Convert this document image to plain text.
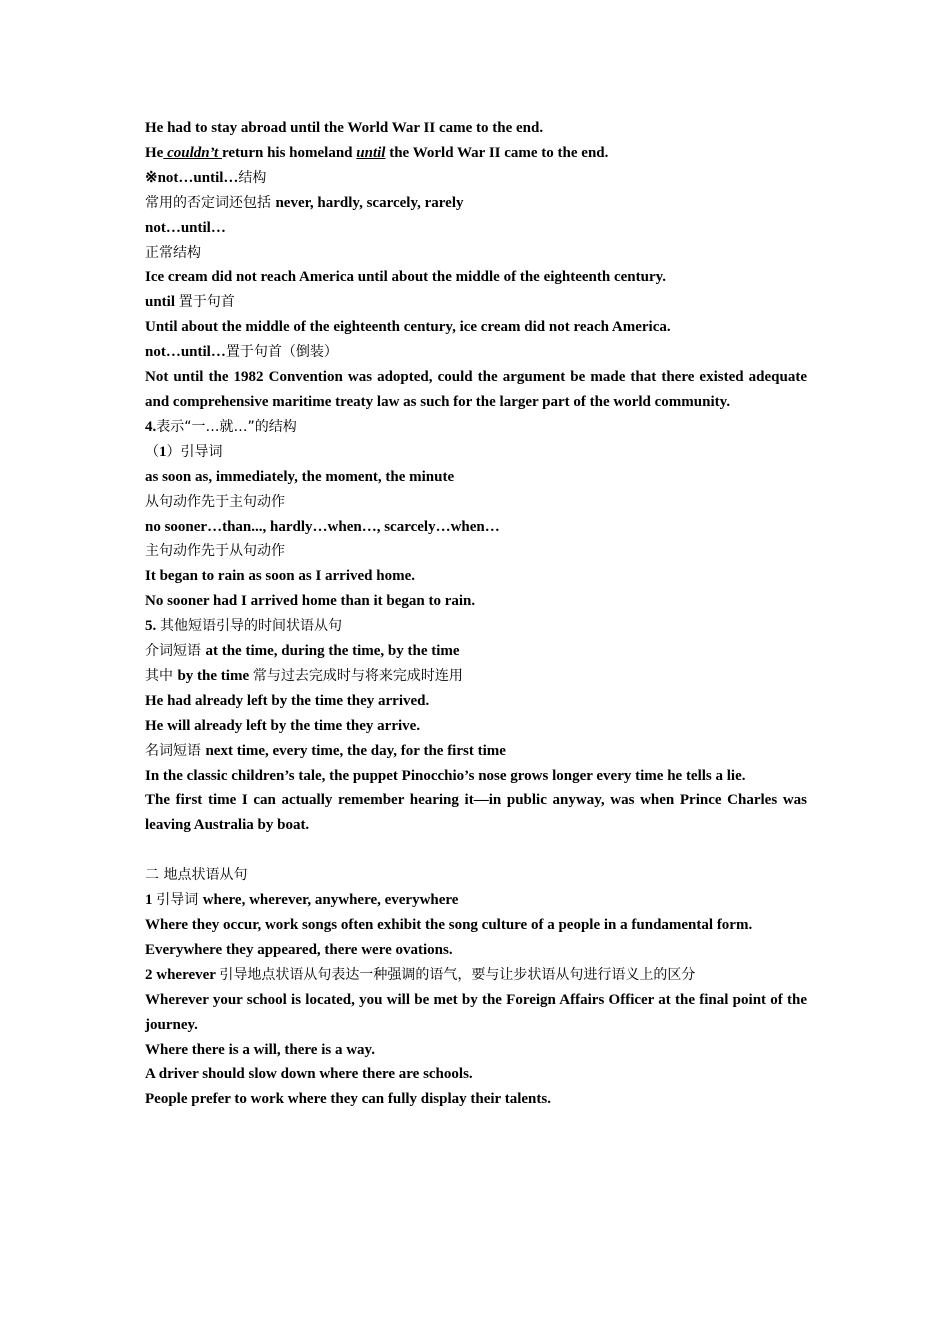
He had to stay abroad until the World War II came to the end.
He couldn’t return his homeland until the World War II came to the end.
※not…until…结构
常用的否定词还包括 never, hardly, scarcely, rarely
not…until…
正常结构
Ice cream did not reach America until about the middle of the eighteenth century.
until 置于句首
Until about the middle of the eighteenth century, ice cream did not reach America.
not…until…置于句首（倒装）
Not until the 1982 Convention was adopted, could the argument be made that there existed adequate and comprehensive maritime treaty law as such for the larger part of the world community.
4.表示“一…就…”的结构
（1）引导词
as soon as, immediately, the moment, the minute
从句动作先于主句动作
no sooner…than..., hardly…when…, scarcely…when…
主句动作先于从句动作
It began to rain as soon as I arrived home.
No sooner had I arrived home than it began to rain.
5. 其他短语引导的时间状语从句
介词短语 at the time, during the time, by the time
其中 by the time 常与过去完成时与将来完成时连用
He had already left by the time they arrived.
He will already left by the time they arrive.
名词短语 next time, every time, the day, for the first time
In the classic children’s tale, the puppet Pinocchio’s nose grows longer every time he tells a lie.
The first time I can actually remember hearing it—in public anyway, was when Prince Charles was leaving Australia by boat.
二 地点状语从句
1 引导词 where, wherever, anywhere, everywhere
Where they occur, work songs often exhibit the song culture of a people in a fundamental form.
Everywhere they appeared, there were ovations.
2 wherever 引导地点状语从句表达一种强调的语气，要与让步状语从句进行语义上的区分
Wherever your school is located, you will be met by the Foreign Affairs Officer at the final point of the journey.
Where there is a will, there is a way.
A driver should slow down where there are schools.
People prefer to work where they can fully display their talents.
